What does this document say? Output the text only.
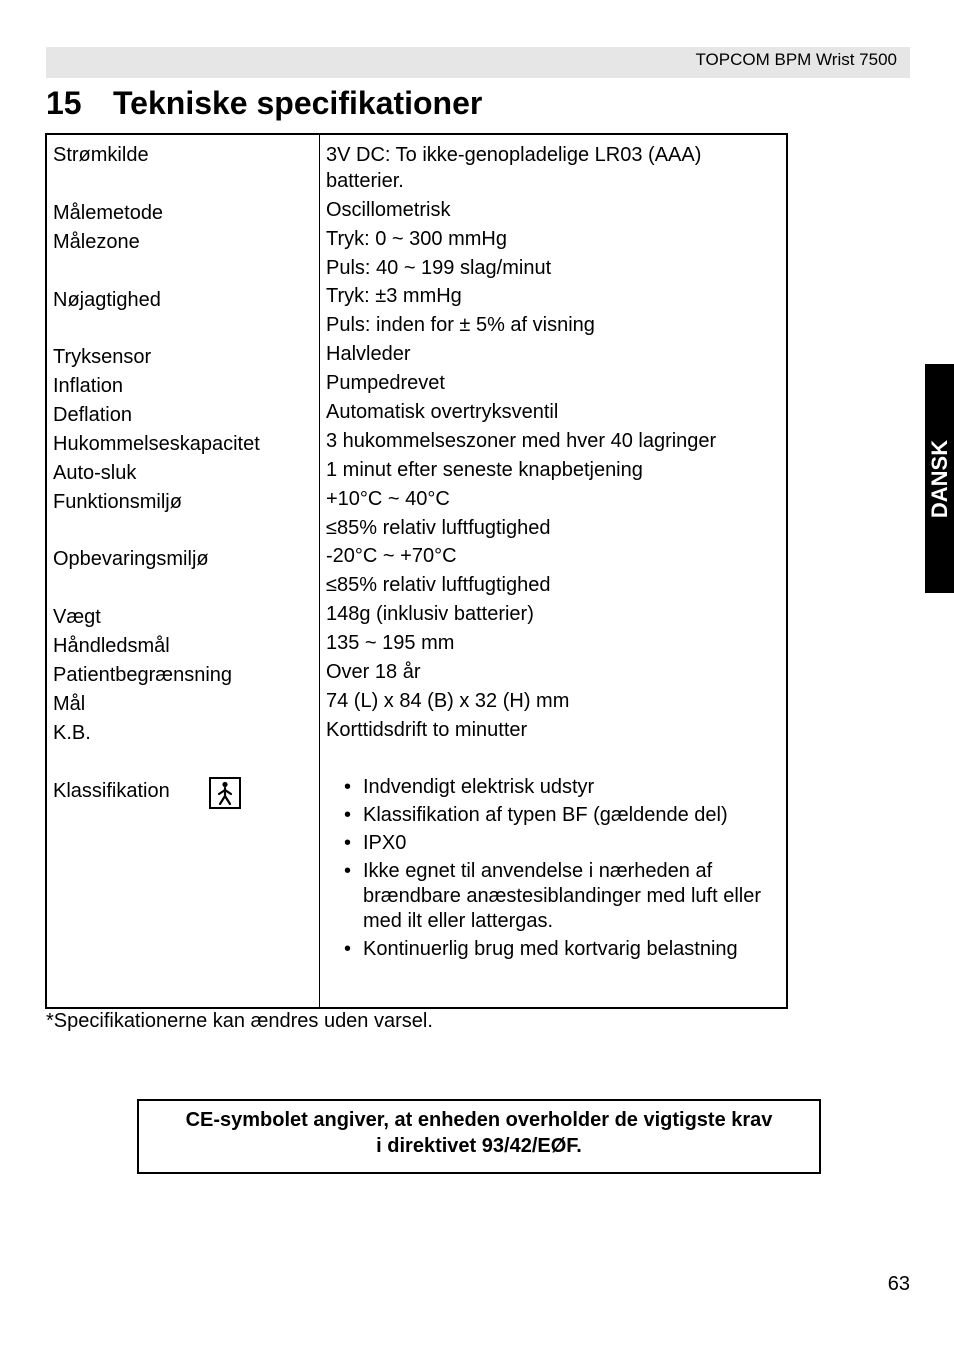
TOPCOM BPM Wrist 7500
15 Tekniske specifikationer
Strømkilde
Målemetode
Målezone
Nøjagtighed
Tryksensor
Inflation
Deflation
Hukommelseskapacitet
Auto-sluk
Funktionsmiljø
Opbevaringsmiljø
Vægt
Håndledsmål
Patientbegrænsning
Mål
K.B.
Klassifikation
3V DC: To ikke-genopladelige LR03 (AAA)
batterier.
Oscillometrisk
Tryk: 0 ~ 300 mmHg
Puls: 40 ~ 199 slag/minut
Tryk: ±3 mmHg
Puls: inden for ± 5% af visning
Halvleder
Pumpedrevet
Automatisk overtryksventil
3 hukommelseszoner med hver 40 lagringer
1 minut efter seneste knapbetjening
+10°C ~ 40°C
≤85% relativ luftfugtighed
-20°C ~ +70°C
≤85% relativ luftfugtighed
148g (inklusiv batterier)
135 ~ 195 mm
Over 18 år
74 (L) x 84 (B) x 32 (H) mm
Korttidsdrift to minutter
• Indvendigt elektrisk udstyr
• Klassifikation af typen BF (gældende del)
• IPX0
• Ikke egnet til anvendelse i nærheden af brændbare anæstesiblandinger med luft eller med ilt eller lattergas.
• Kontinuerlig brug med kortvarig belastning
*Specifikationerne kan ændres uden varsel.

CE-symbolet angiver, at enheden overholder de vigtigste krav
i direktivet 93/42/EØF.

DANSK
63
